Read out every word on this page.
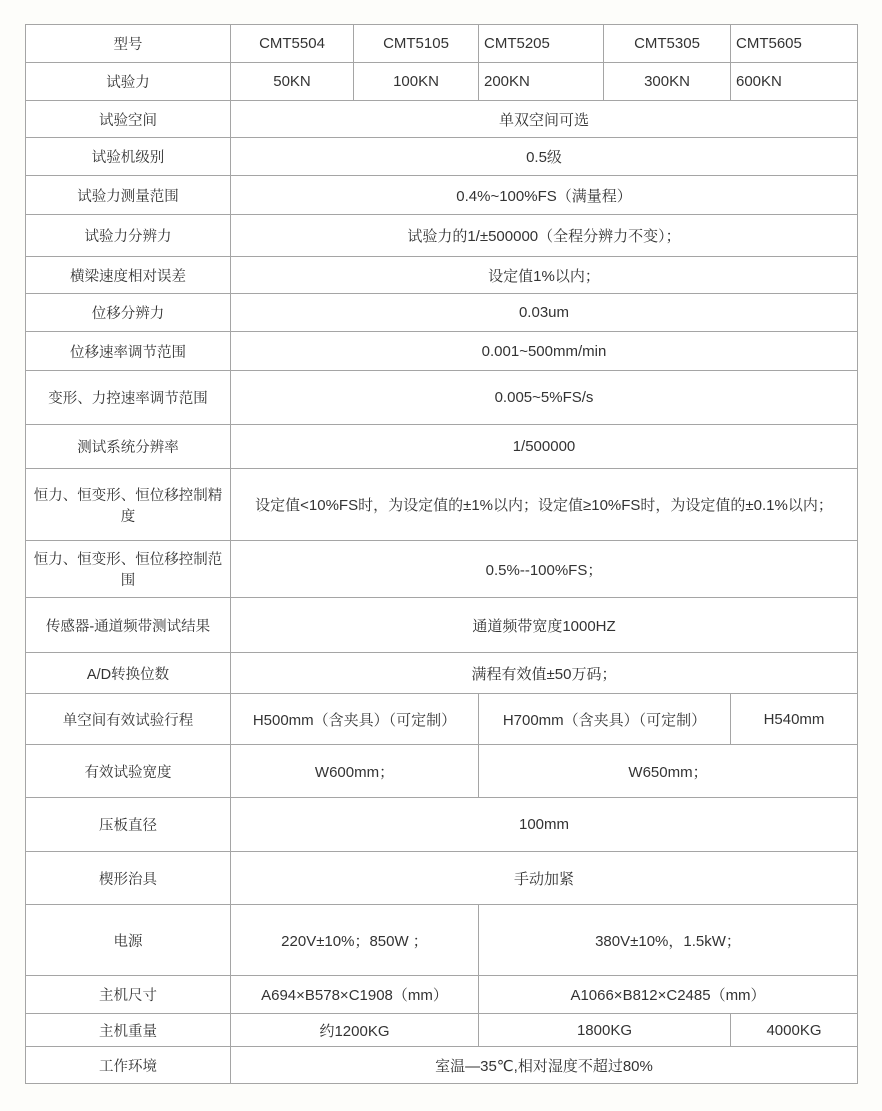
型号	CMT5504	CMT5105	CMT5205	CMT5305	CMT5605
试验力	50KN	100KN	200KN	300KN	600KN
试验空间	单双空间可选				
试验机级别	0.5级				
试验力测量范围	0.4%~100%FS（满量程）				
试验力分辨力	试验力的1/±500000（全程分辨力不变）；				
横梁速度相对误差	设定值1%以内；				
位移分辨力	0.03um				
位移速率调节范围	0.001~500mm/min				
变形、力控速率调节范围	0.005~5%FS/s				
测试系统分辨率	1/500000				
恒力、恒变形、恒位移控制精度	设定值<10%FS时，为设定值的±1%以内；设定值≥10%FS时，为设定值的±0.1%以内；				
恒力、恒变形、恒位移控制范围	0.5%--100%FS；				
传感器-通道频带测试结果	通道频带宽度1000HZ				
A/D转换位数	满程有效值±50万码；				
单空间有效试验行程	H500mm（含夹具）（可定制）		H700mm（含夹具）（可定制）		H540mm
有效试验宽度	W600mm；		W650mm；		
压板直径	100mm				
楔形治具	手动加紧				
电源	220V±10%；850W ；		380V±10%，1.5kW；		
主机尺寸	A694×B578×C1908（mm）		A1066×B812×C2485（mm）		
主机重量	约1200KG		1800KG		4000KG
工作环境	室温—35℃,相对湿度不超过80%				
